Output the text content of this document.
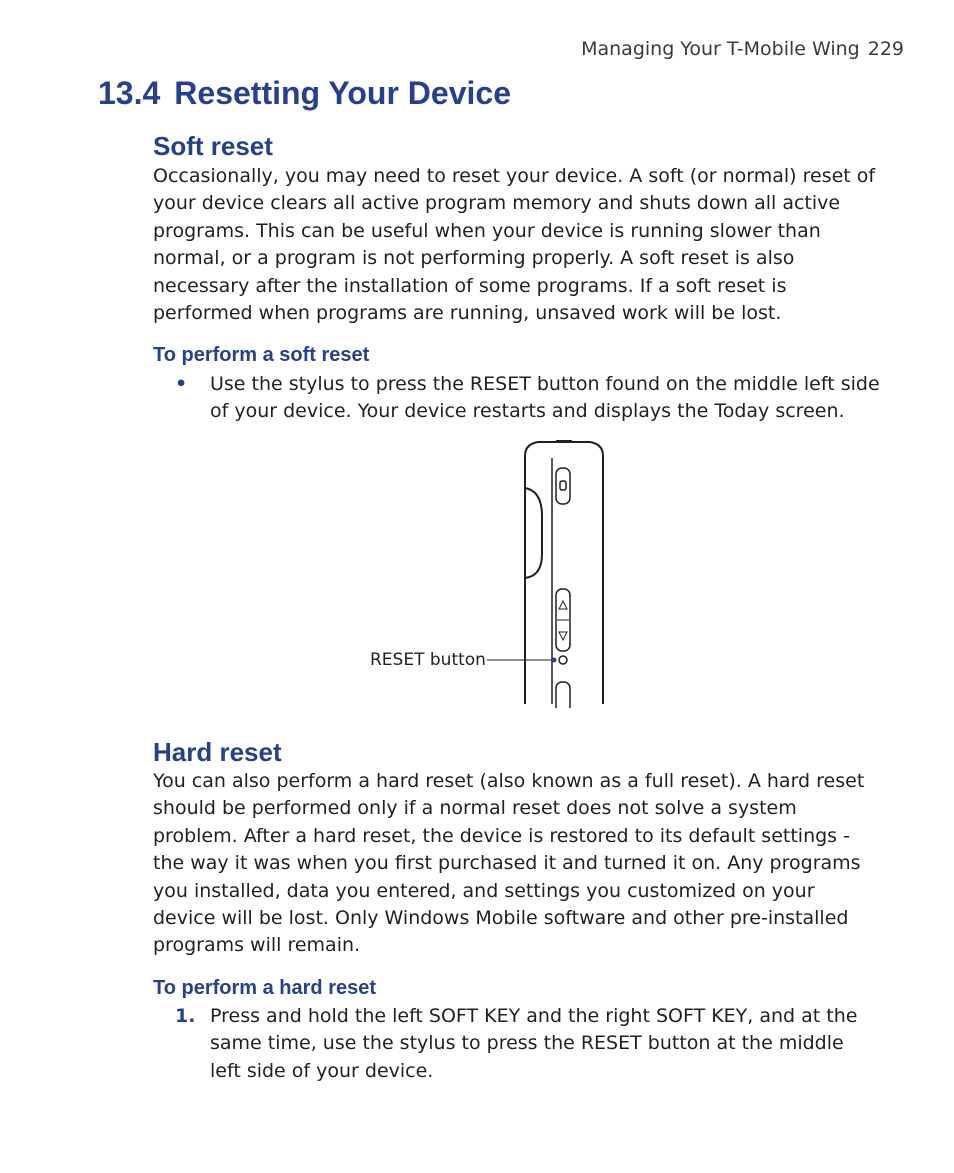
Managing Your T-Mobile Wing 229
13.4 Resetting Your Device
Soft reset

Occasionally, you may need to reset your device. A soft (or normal) reset of your device clears all active program memory and shuts down all active programs. This can be useful when your device is running slower than normal, or a program is not performing properly. A soft reset is also necessary after the installation of some programs. If a soft reset is performed when programs are running, unsaved work will be lost.

To perform a soft reset
•	Use the stylus to press the RESET button found on the middle left side of your device. Your device restarts and displays the Today screen.
RESET button
Hard reset

You can also perform a hard reset (also known as a full reset). A hard reset should be performed only if a normal reset does not solve a system problem. After a hard reset, the device is restored to its default settings - the way it was when you first purchased it and turned it on. Any programs you installed, data you entered, and settings you customized on your device will be lost. Only Windows Mobile software and other pre-installed programs will remain.

To perform a hard reset
1. Press and hold the left SOFT KEY and the right SOFT KEY, and at the same time, use the stylus to press the RESET button at the middle left side of your device.
